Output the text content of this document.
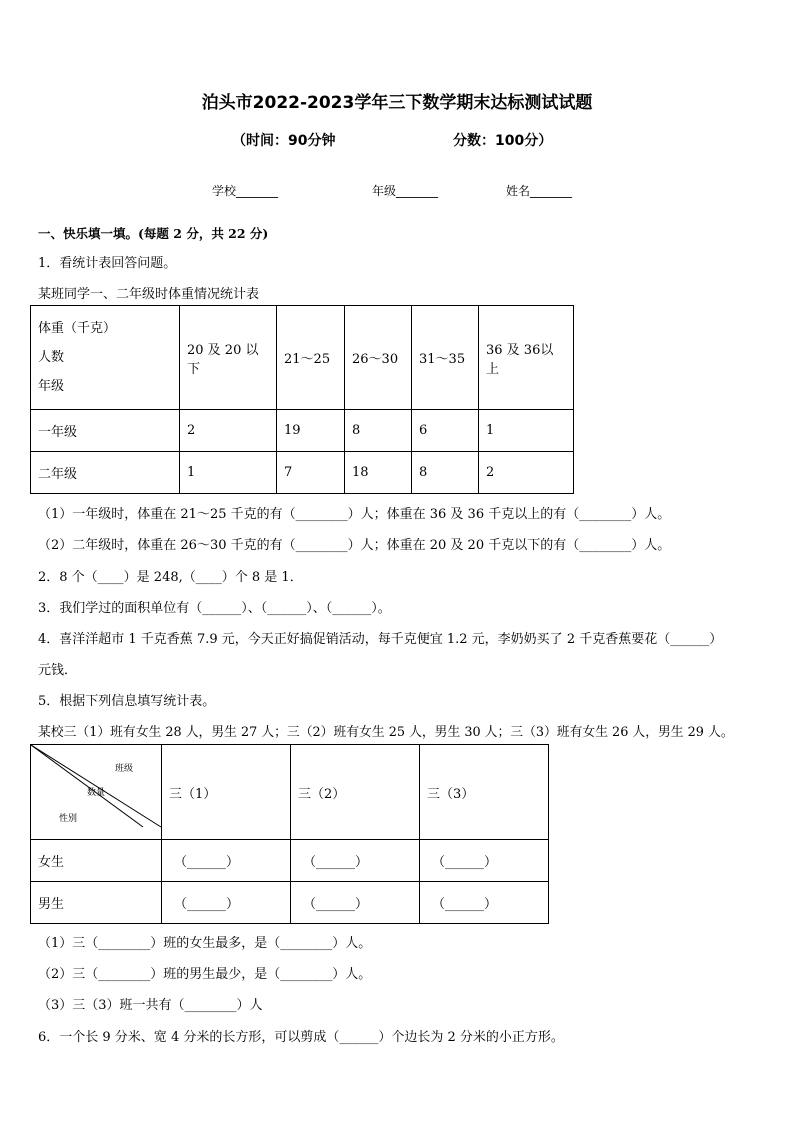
泊头市2022-2023学年三下数学期末达标测试试题
（时间：90分钟	分数：100分）
学校_______	年级_______	姓名_______
一、快乐填一填。(每题 2 分，共 22 分)
1．看统计表回答问题。
某班同学一、二年级时体重情况统计表
体重（千克）
人数
年级	20 及 20 以下	21～25	26～30	31～35	36 及 36以上
一年级	2	19	8	6	1
二年级	1	7	18	8	2
（1）一年级时，体重在 21～25 千克的有（________）人；体重在 36 及 36 千克以上的有（________）人。
（2）二年级时，体重在 26～30 千克的有（________）人；体重在 20 及 20 千克以下的有（________）人。
2．8 个（____）是 248,（____）个 8 是 1．
3．我们学过的面积单位有（______）、（______）、（______）。
4．喜洋洋超市 1 千克香蕉 7.9 元，今天正好搞促销活动，每千克便宜 1.2 元，李奶奶买了 2 千克香蕉要花（______）
元钱．
5．根据下列信息填写统计表。
某校三（1）班有女生 28 人，男生 27 人；三（2）班有女生 25 人，男生 30 人；三（3）班有女生 26 人，男生 29 人。
班级
数量
性别	三（1）	三（2）	三（3）
女生	（______）	（______）	（______）
男生	（______）	（______）	（______）
（1）三（________）班的女生最多，是（________）人。
（2）三（________）班的男生最少，是（________）人。
（3）三（3）班一共有（________）人
6．一个长 9 分米、宽 4 分米的长方形，可以剪成（______）个边长为 2 分米的小正方形。
